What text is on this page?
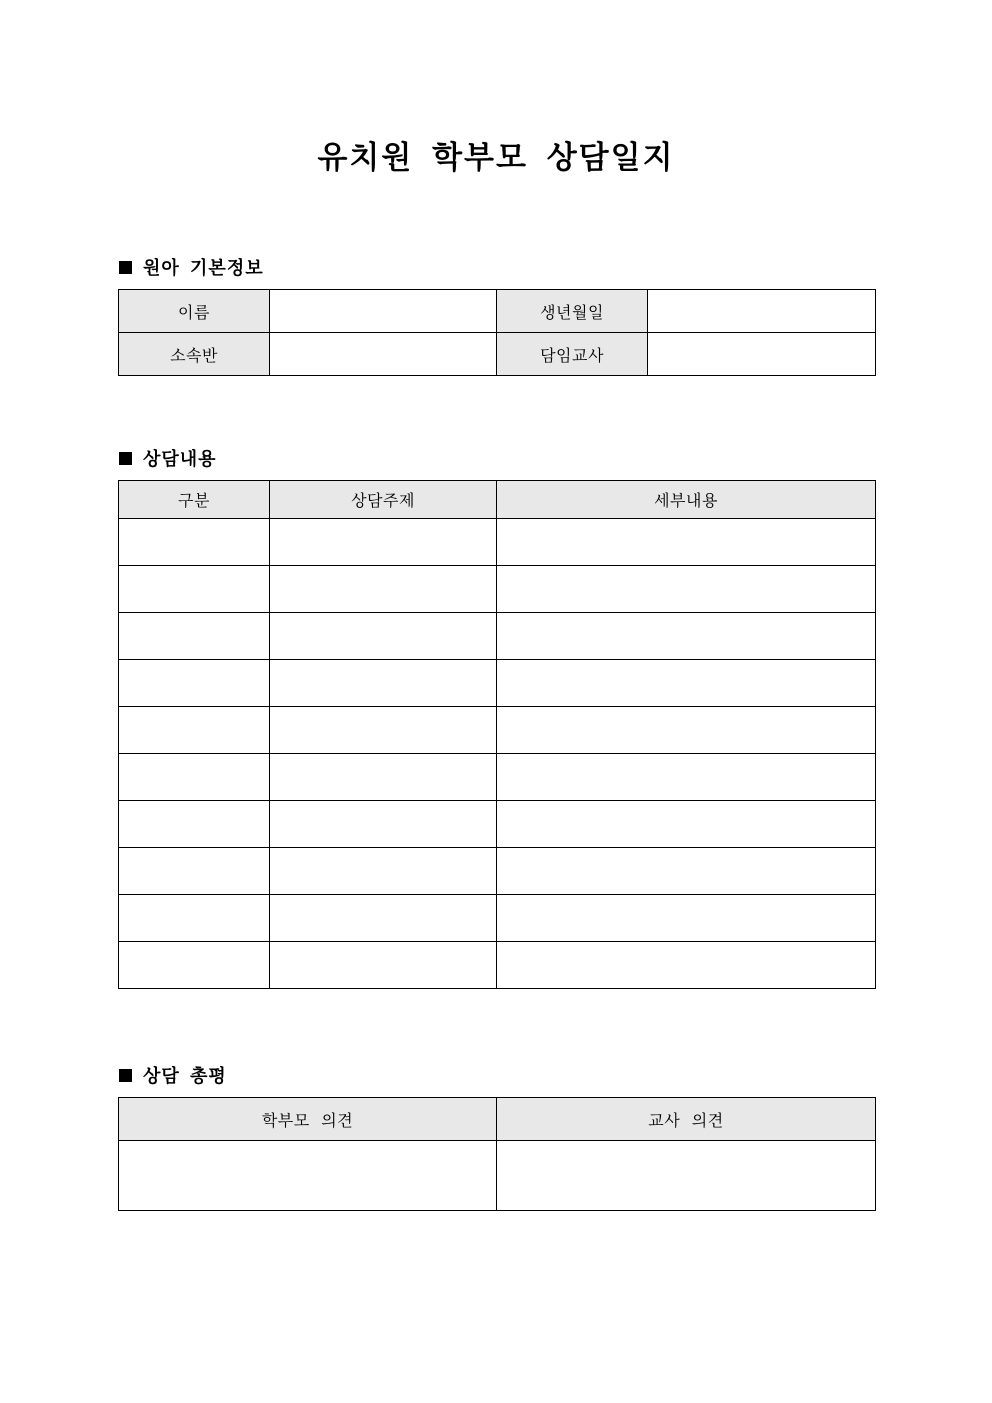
유치원 학부모 상담일지
원아 기본정보
이름		생년월일	
소속반		담임교사	
상담내용
구분	상담주제	세부내용

상담 총평
학부모 의견	교사 의견
